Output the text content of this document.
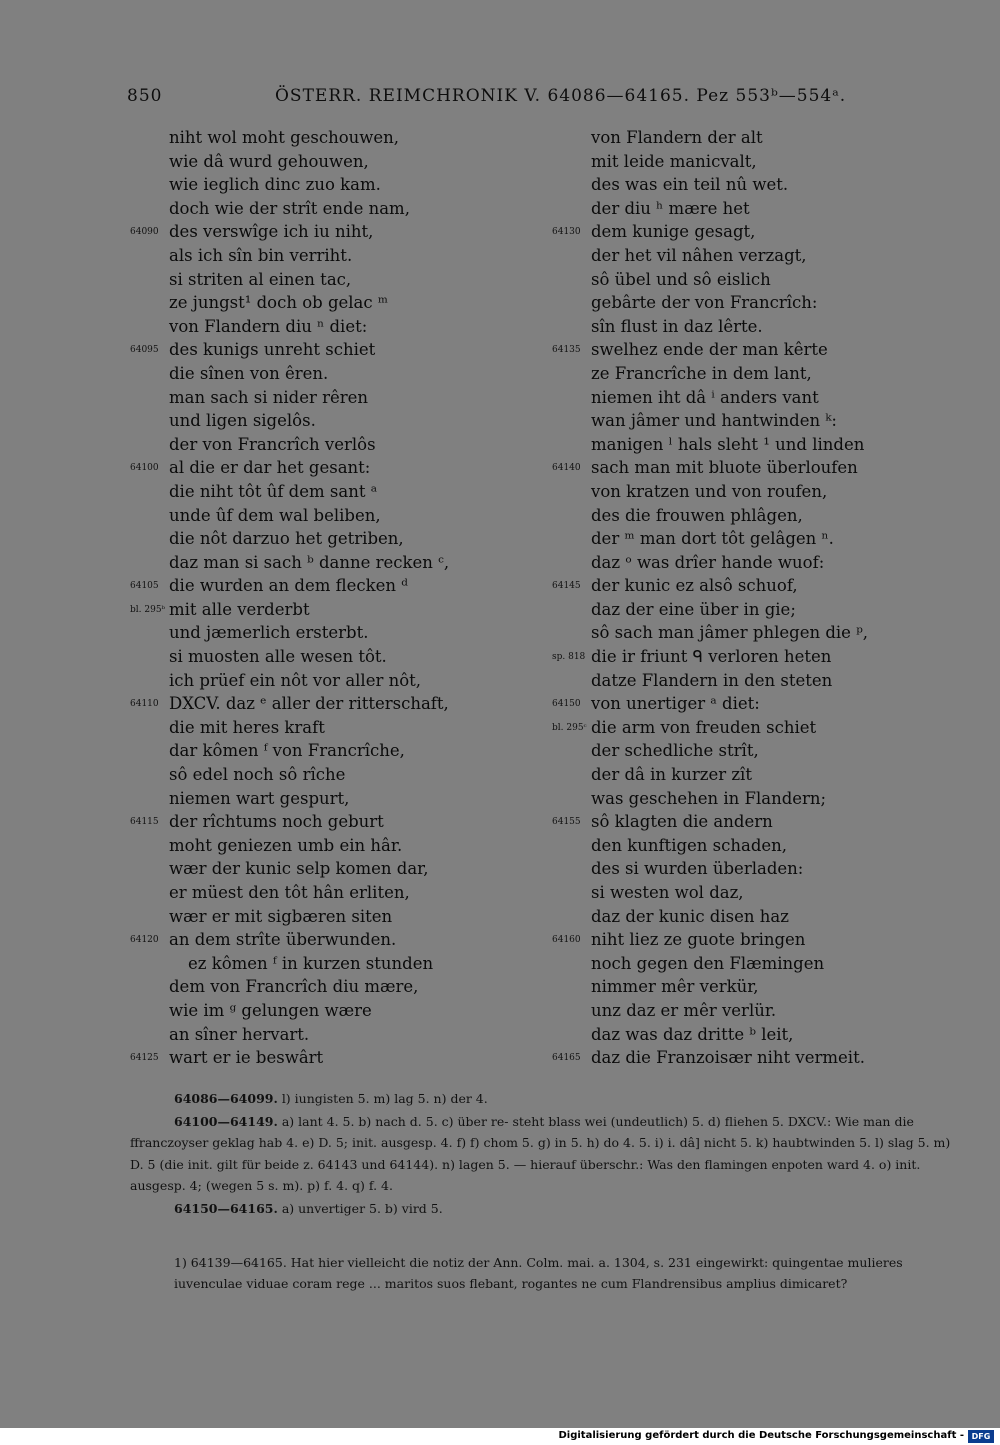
850	ÖSTERR. REIMCHRONIK V. 64086—64165. Pez 553ᵇ—554ᵃ.
niht wol moht geschouwen,
wie dâ wurd gehouwen,
wie ieglich dinc zuo kam.
doch wie der strît ende nam,
64090 des verswîge ich iu niht,
als ich sîn bin verriht.
si striten al einen tac,
ze jungst¹ doch ob gelac ᵐ
von Flandern diu ⁿ diet:
64095 des kunigs unreht schiet
die sînen von êren.
man sach si nider rêren
und ligen sigelôs.
der von Francrîch verlôs
64100 al die er dar het gesant:
die niht tôt ûf dem sant ᵃ
unde ûf dem wal beliben,
die nôt darzuo het getriben,
daz man si sach ᵇ danne recken ᶜ,
64105 die wurden an dem flecken ᵈ
bl. 295ᵇ mit alle verderbt
und jæmerlich ersterbt.
si muosten alle wesen tôt.
ich prüef ein nôt vor aller nôt,
64110 DXCV. daz ᵉ aller der ritterschaft,
die mit heres kraft
dar kômen ᶠ von Francrîche,
sô edel noch sô rîche
niemen wart gespurt,
64115 der rîchtums noch geburt
moht geniezen umb ein hâr.
wær der kunic selp komen dar,
er müest den tôt hân erliten,
wær er mit sigbæren siten
64120 an dem strîte überwunden.
ez kômen ᶠ in kurzen stunden
dem von Francrîch diu mære,
wie im ᵍ gelungen wære
an sîner hervart.
64125 wart er ie beswârt
von Flandern der alt
mit leide manicvalt,
des was ein teil nû wet.
der diu ʰ mære het
64130 dem kunige gesagt,
der het vil nâhen verzagt,
sô übel und sô eislich
gebârte der von Francrîch:
sîn flust in daz lêrte.
64135 swelhez ende der man kêrte
ze Francrîche in dem lant,
niemen iht dâ ⁱ anders vant
wan jâmer und hantwinden ᵏ:
manigen ˡ hals sleht ¹ und linden
64140 sach man mit bluote überloufen
von kratzen und von roufen,
des die frouwen phlâgen,
der ᵐ man dort tôt gelâgen ⁿ.
daz ᵒ was drîer hande wuof:
64145 der kunic ez alsô schuof,
daz der eine über in gie;
sô sach man jâmer phlegen die ᵖ,
sp. 818 die ir friunt ᑫ verloren heten
datze Flandern in den steten
64150 von unertiger ᵃ diet:
bl. 295ᶜ die arm von freuden schiet
der schedliche strît,
der dâ in kurzer zît
was geschehen in Flandern;
64155 sô klagten die andern
den kunftigen schaden,
des si wurden überladen:
si westen wol daz,
daz der kunic disen haz
64160 niht liez ze guote bringen
noch gegen den Flæmingen
nimmer mêr verkür,
unz daz er mêr verlür.
daz was daz dritte ᵇ leit,
64165 daz die Franzoisær niht vermeit.

64086—64099. l) iungisten 5. m) lag 5. n) der 4.

64100—64149. a) lant 4. 5. b) nach d. 5. c) über re- steht blass wei (undeutlich) 5. d) fliehen 5. DXCV.: Wie man die ffranczoyser geklag hab 4. e) D. 5; init. ausgesp. 4. f) f) chom 5. g) in 5. h) do 4. 5. i) i. dâ] nicht 5. k) haubtwinden 5. l) slag 5. m) D. 5 (die init. gilt für beide z. 64143 und 64144). n) lagen 5. — hierauf überschr.: Was den flamingen enpoten ward 4. o) init. ausgesp. 4; (wegen 5 s. m). p) f. 4. q) f. 4.

64150—64165. a) unvertiger 5. b) vird 5.

1) 64139—64165. Hat hier vielleicht die notiz der Ann. Colm. mai. a. 1304, s. 231 eingewirkt: quingentae mulieres iuvenculae viduae coram rege ... maritos suos flebant, rogantes ne cum Flandrensibus amplius dimicaret?

Digitalisierung gefördert durch die Deutsche Forschungsgemeinschaft - DFG
